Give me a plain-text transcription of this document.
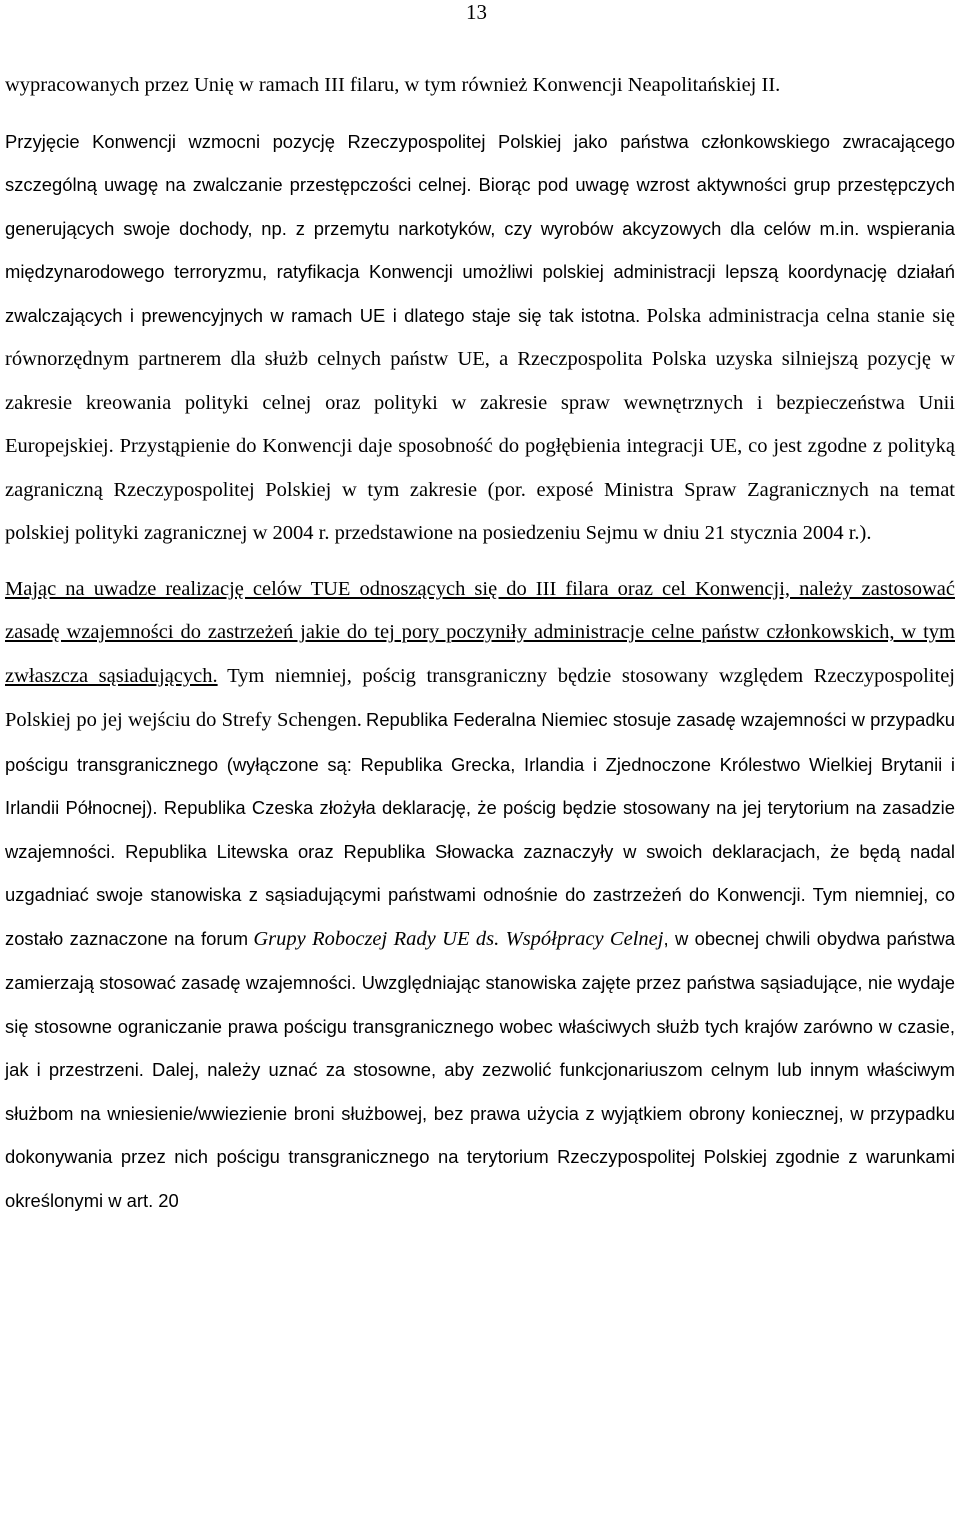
13

wypracowanych przez Unię w ramach III filaru, w tym również Konwencji Neapolitańskiej II.

Przyjęcie Konwencji wzmocni pozycję Rzeczypospolitej Polskiej jako państwa członkowskiego zwracającego szczególną uwagę na zwalczanie przestępczości celnej. Biorąc pod uwagę wzrost aktywności grup przestępczych generujących swoje dochody, np. z przemytu narkotyków, czy wyrobów akcyzowych dla celów m.in. wspierania międzynarodowego terroryzmu, ratyfikacja Konwencji umożliwi polskiej administracji lepszą koordynację działań zwalczających i prewencyjnych w ramach UE i dlatego staje się tak istotna. Polska administracja celna stanie się równorzędnym partnerem dla służb celnych państw UE, a Rzeczpospolita Polska uzyska silniejszą pozycję w zakresie kreowania polityki celnej oraz polityki w zakresie spraw wewnętrznych i bezpieczeństwa Unii Europejskiej. Przystąpienie do Konwencji daje sposobność do pogłębienia integracji UE, co jest zgodne z polityką zagraniczną Rzeczypospolitej Polskiej w tym zakresie (por. exposé Ministra Spraw Zagranicznych na temat polskiej polityki zagranicznej w 2004 r. przedstawione na posiedzeniu Sejmu w dniu 21 stycznia 2004 r.).

Mając na uwadze realizację celów TUE odnoszących się do III filara oraz cel Konwencji, należy zastosować zasadę wzajemności do zastrzeżeń jakie do tej pory poczyniły administracje celne państw członkowskich, w tym zwłaszcza sąsiadujących. Tym niemniej, pościg transgraniczny będzie stosowany względem Rzeczypospolitej Polskiej po jej wejściu do Strefy Schengen. Republika Federalna Niemiec stosuje zasadę wzajemności w przypadku pościgu transgranicznego (wyłączone są: Republika Grecka, Irlandia i Zjednoczone Królestwo Wielkiej Brytanii i Irlandii Północnej). Republika Czeska złożyła deklarację, że pościg będzie stosowany na jej terytorium na zasadzie wzajemności. Republika Litewska oraz Republika Słowacka zaznaczyły w swoich deklaracjach, że będą nadal uzgadniać swoje stanowiska z sąsiadującymi państwami odnośnie do zastrzeżeń do Konwencji. Tym niemniej, co zostało zaznaczone na forum Grupy Roboczej Rady UE ds. Współpracy Celnej, w obecnej chwili obydwa państwa zamierzają stosować zasadę wzajemności. Uwzględniając stanowiska zajęte przez państwa sąsiadujące, nie wydaje się stosowne ograniczanie prawa pościgu transgranicznego wobec właściwych służb tych krajów zarówno w czasie, jak i przestrzeni. Dalej, należy uznać za stosowne, aby zezwolić funkcjonariuszom celnym lub innym właściwym służbom na wniesienie/wwiezienie broni służbowej, bez prawa użycia z wyjątkiem obrony koniecznej, w przypadku dokonywania przez nich pościgu transgranicznego na terytorium Rzeczypospolitej Polskiej zgodnie z warunkami określonymi w art. 20
